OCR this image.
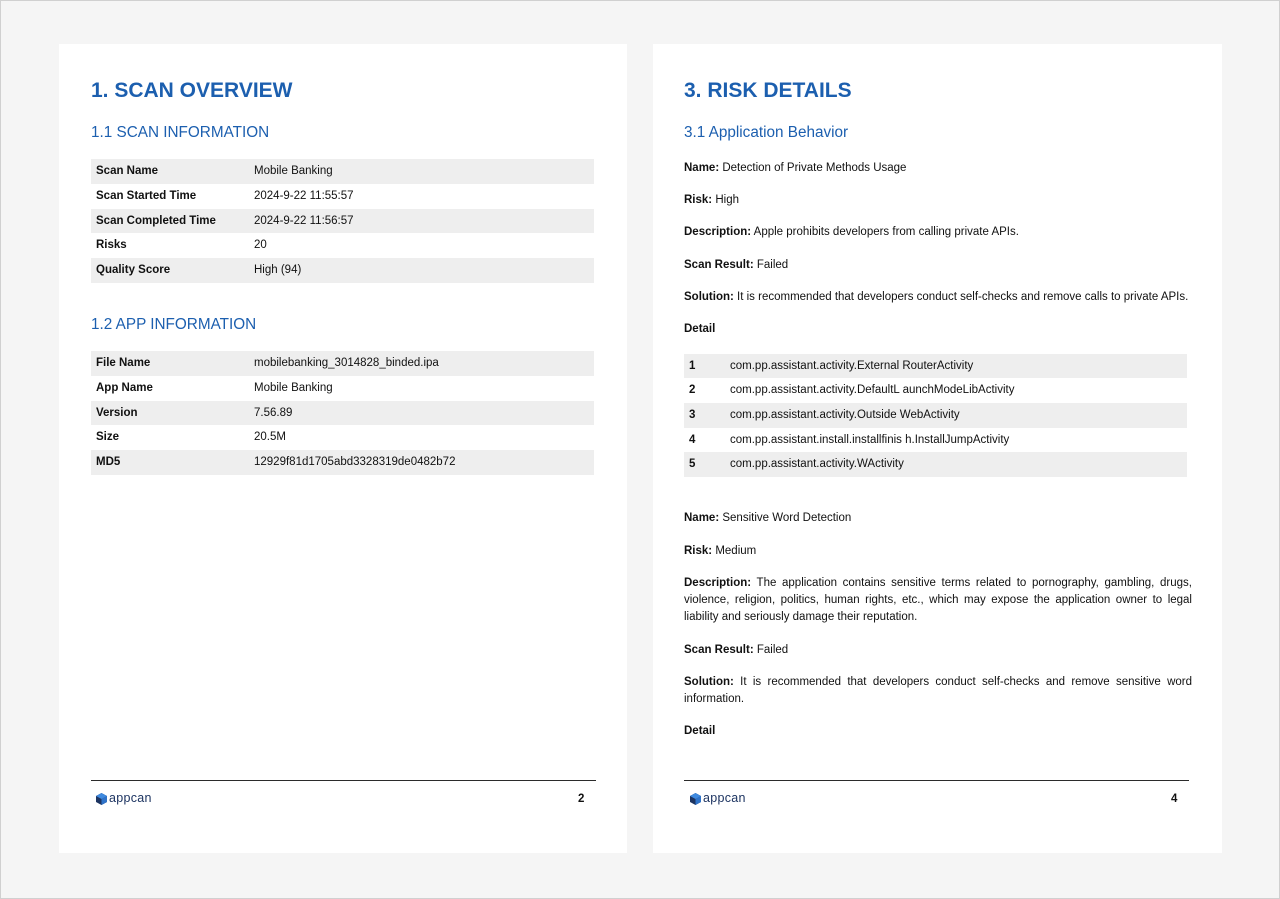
1. SCAN OVERVIEW
1.1 SCAN INFORMATION
Scan Name	Mobile Banking
Scan Started Time	2024-9-22 11:55:57
Scan Completed Time	2024-9-22 11:56:57
Risks	20
Quality Score	High (94)
1.2 APP INFORMATION
File Name	mobilebanking_3014828_binded.ipa
App Name	Mobile Banking
Version	7.56.89
Size	20.5M
MD5	12929f81d1705abd3328319de0482b72
appcan	2
3. RISK DETAILS
3.1 Application Behavior

Name: Detection of Private Methods Usage

Risk: High

Description: Apple prohibits developers from calling private APIs.

Scan Result: Failed

Solution: It is recommended that developers conduct self-checks and remove calls to private APIs.

Detail

1	com.pp.assistant.activity.External RouterActivity
2	com.pp.assistant.activity.DefaultL aunchModeLibActivity
3	com.pp.assistant.activity.Outside WebActivity
4	com.pp.assistant.install.installfinis h.InstallJumpActivity
5	com.pp.assistant.activity.WActivity

Name: Sensitive Word Detection

Risk: Medium

Description: The application contains sensitive terms related to pornography, gambling, drugs, violence, religion, politics, human rights, etc., which may expose the application owner to legal liability and seriously damage their reputation.

Scan Result: Failed

Solution: It is recommended that developers conduct self-checks and remove sensitive word information.

Detail

appcan	4
